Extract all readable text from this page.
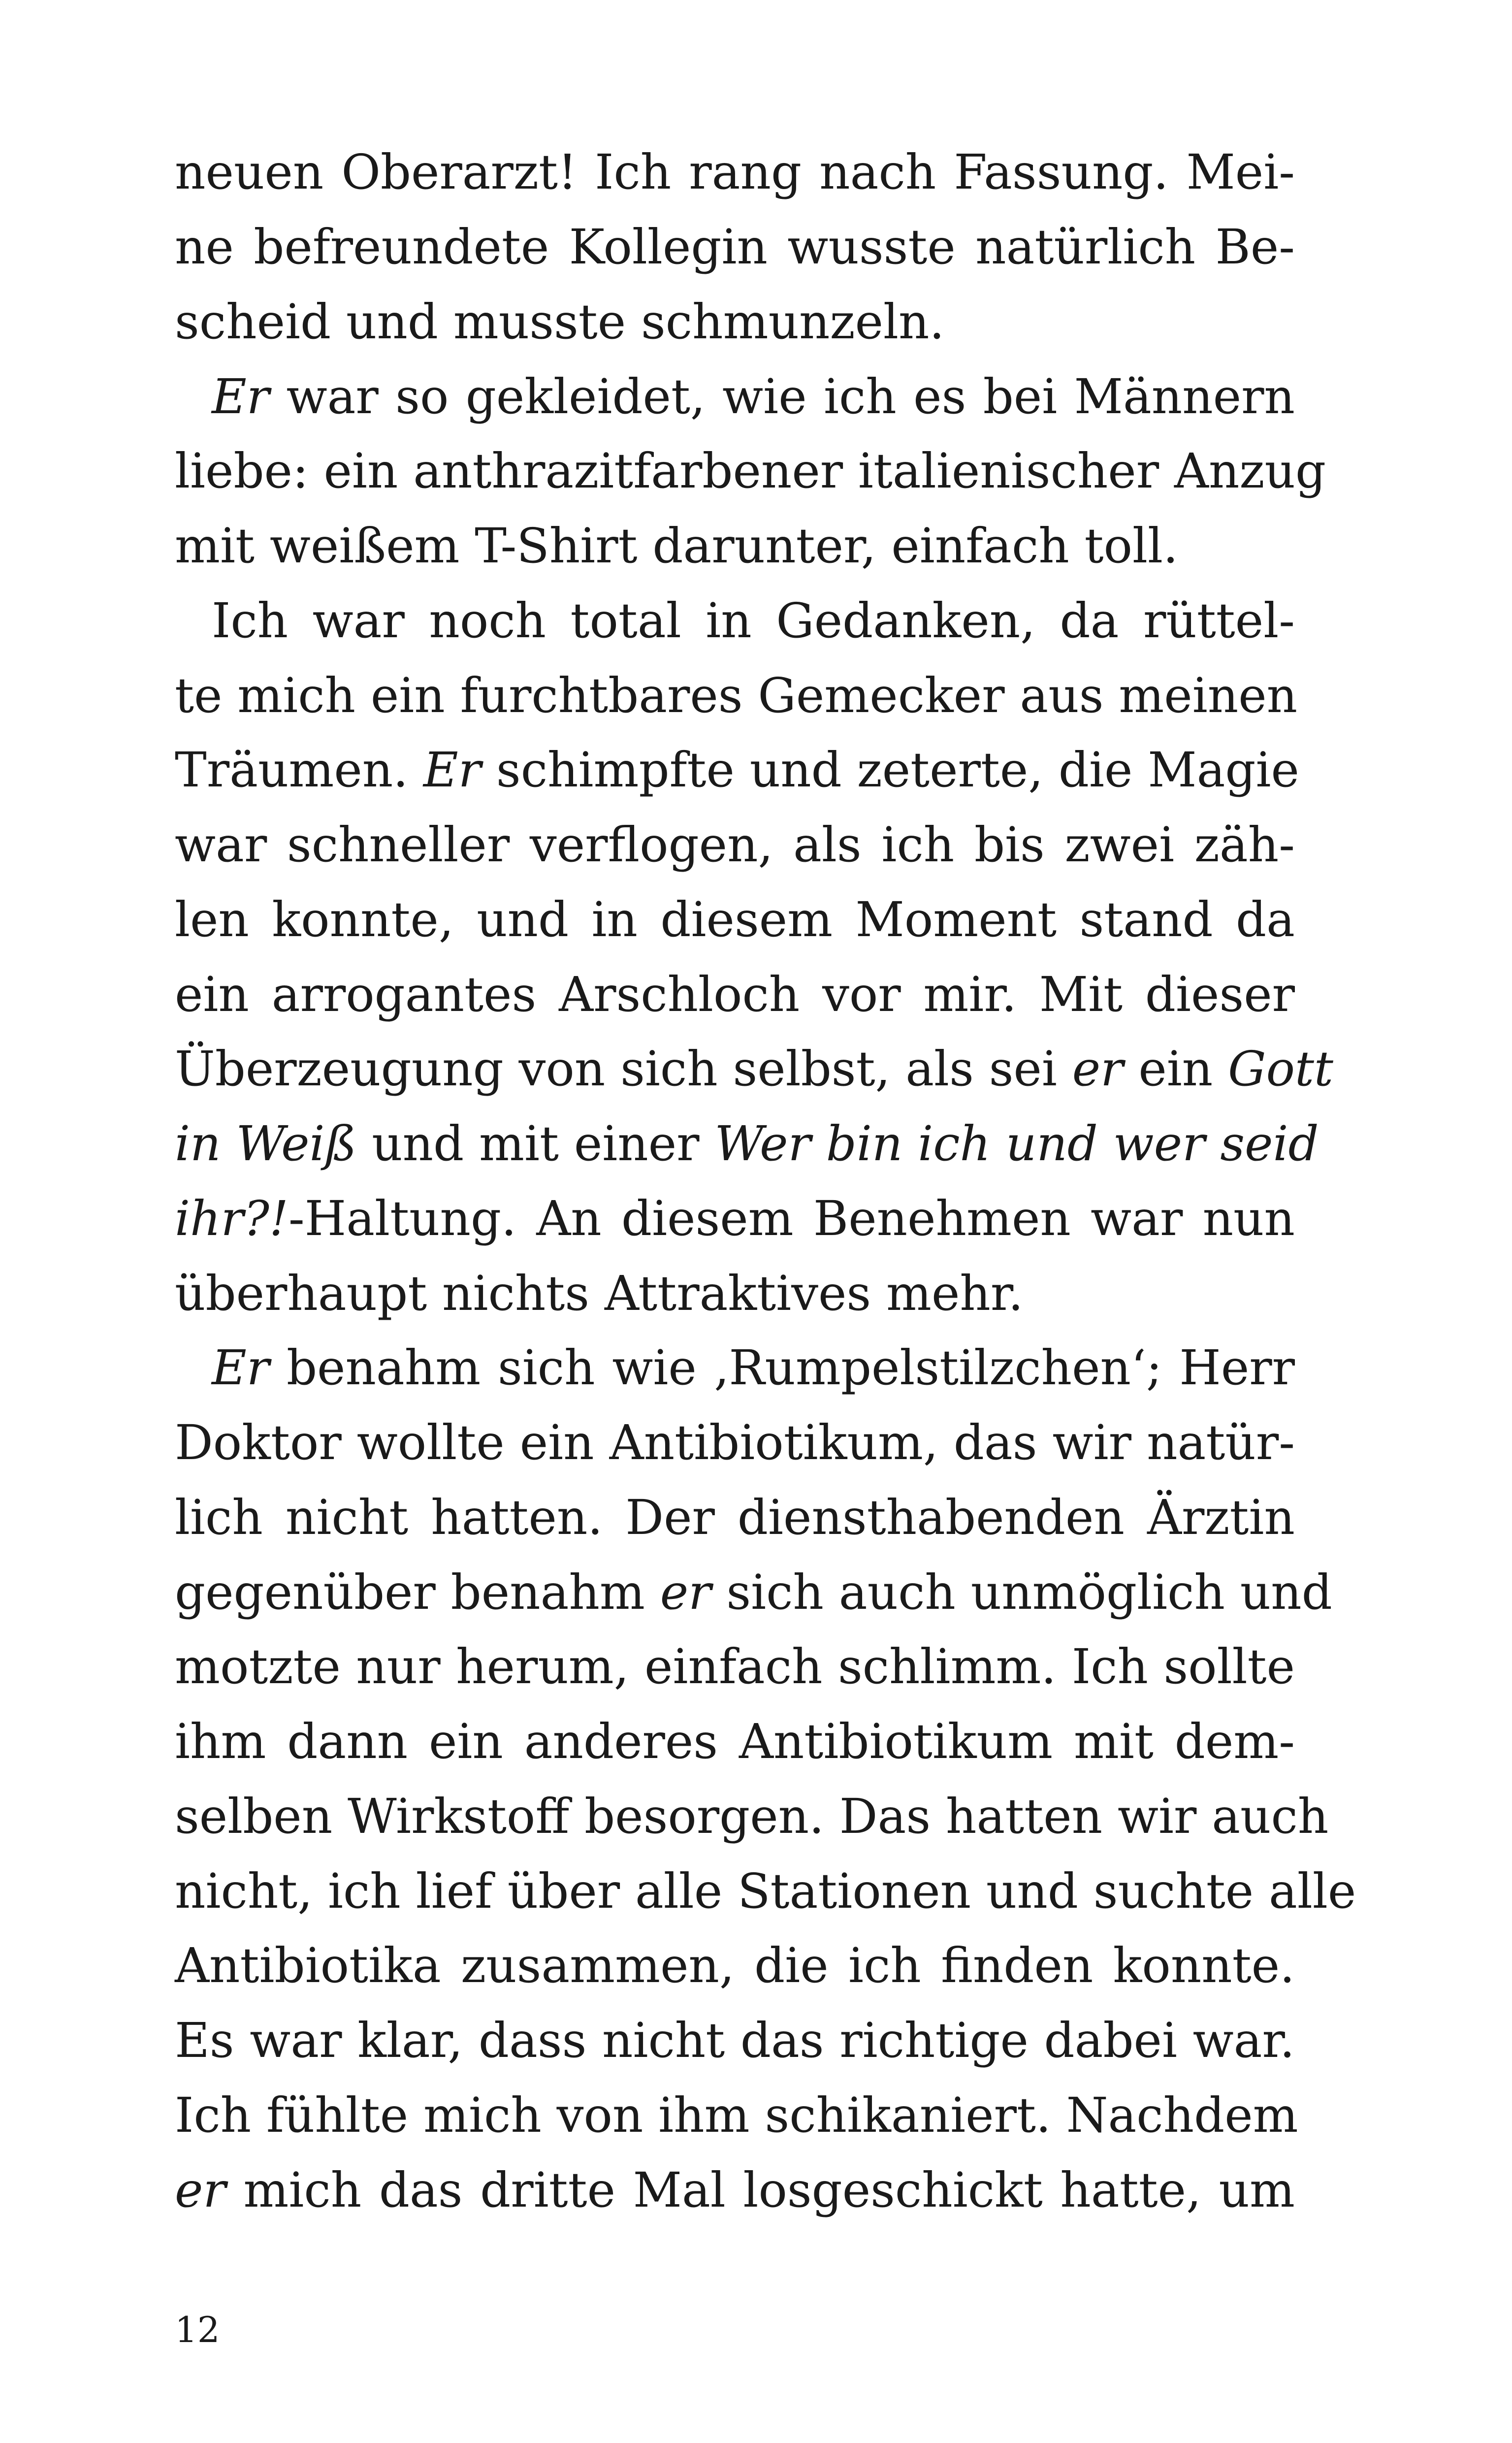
neuen Oberarzt! Ich rang nach Fassung. Mei-
ne befreundete Kollegin wusste natürlich Be-
scheid und musste schmunzeln.
Er war so gekleidet, wie ich es bei Männern
liebe: ein anthrazitfarbener italienischer Anzug
mit weißem T-Shirt darunter, einfach toll.
Ich war noch total in Gedanken, da rüttel-
te mich ein furchtbares Gemecker aus meinen
Träumen. Er schimpfte und zeterte, die Magie
war schneller verflogen, als ich bis zwei zäh-
len konnte, und in diesem Moment stand da
ein arrogantes Arschloch vor mir. Mit dieser
Überzeugung von sich selbst, als sei er ein Gott
in Weiß und mit einer Wer bin ich und wer seid
ihr?!-Haltung. An diesem Benehmen war nun
überhaupt nichts Attraktives mehr.
Er benahm sich wie ‚Rumpelstilzchen‘; Herr
Doktor wollte ein Antibiotikum, das wir natür-
lich nicht hatten. Der diensthabenden Ärztin
gegenüber benahm er sich auch unmöglich und
motzte nur herum, einfach schlimm. Ich sollte
ihm dann ein anderes Antibiotikum mit dem-
selben Wirkstoff besorgen. Das hatten wir auch
nicht, ich lief über alle Stationen und suchte alle
Antibiotika zusammen, die ich finden konnte.
Es war klar, dass nicht das richtige dabei war.
Ich fühlte mich von ihm schikaniert. Nachdem
er mich das dritte Mal losgeschickt hatte, um
12
